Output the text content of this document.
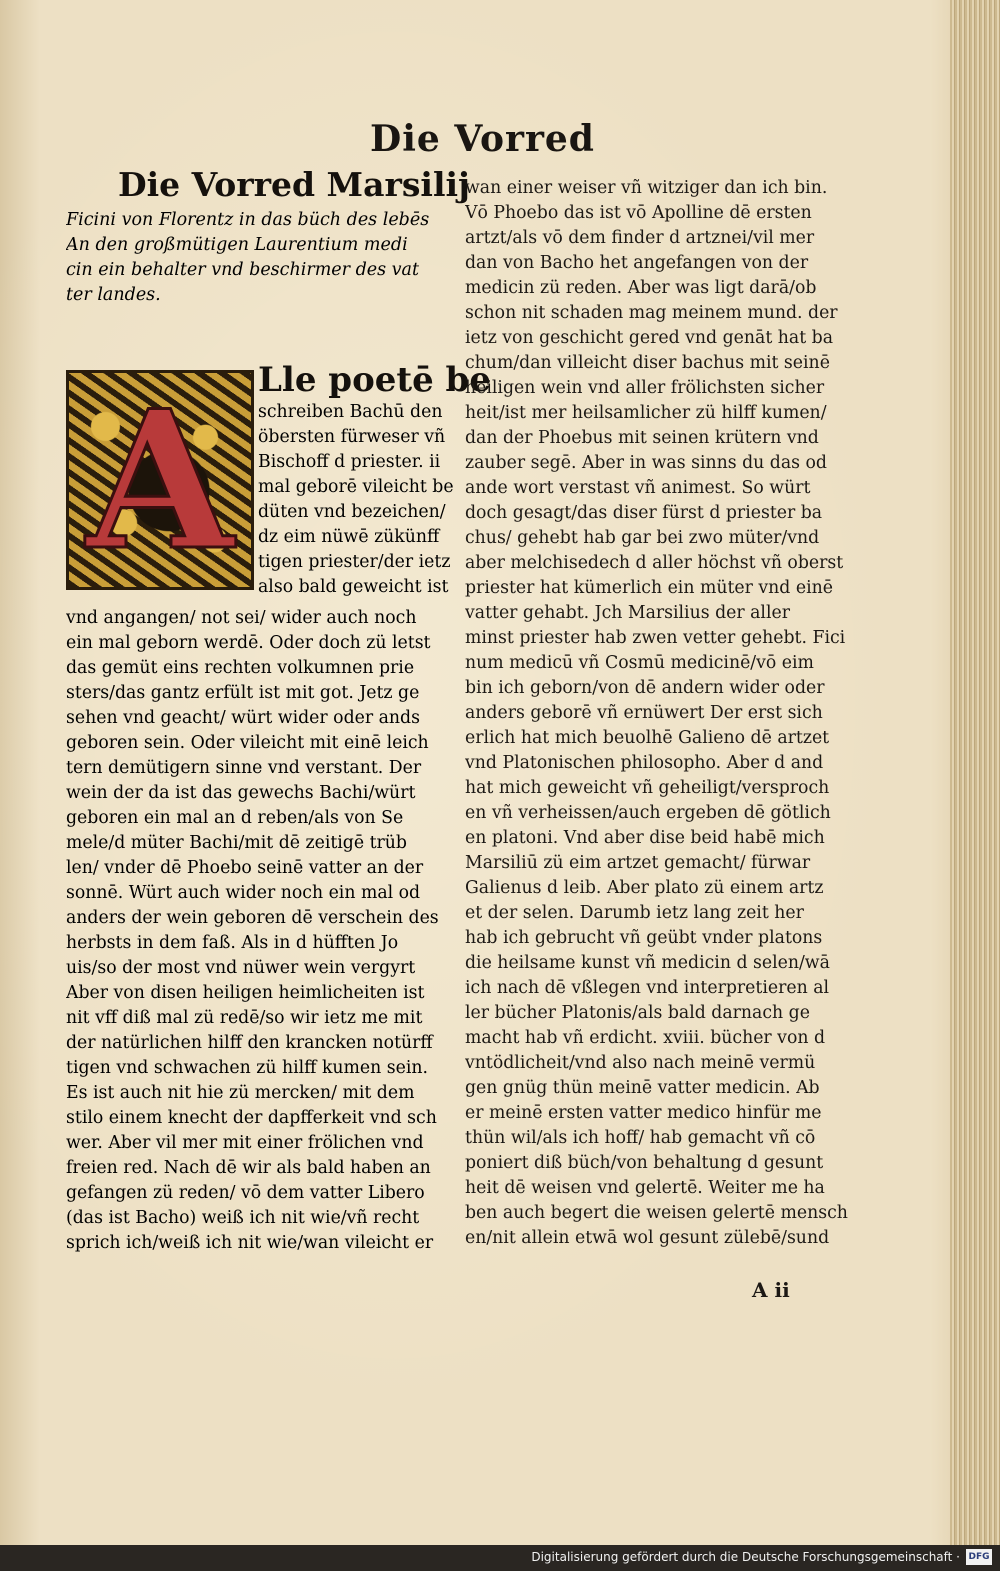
Die Vorred
Die Vorred Marsilij
Ficini von Florentz in das büch des lebēs
An den großmütigen Laurentium medi
cin ein behalter vnd beschirmer des vat
ter landes.
A Lle poetē be
schreiben Bachū den
öbersten fürweser vñ
Bischoff d priester. ii
mal geborē vileicht be
düten vnd bezeichen/
dz eim nüwē zükünff
tigen priester/der ietz
also bald geweicht ist
vnd angangen/ not sei/ wider auch noch
ein mal geborn werdē. Oder doch zü letst
das gemüt eins rechten volkumnen prie
sters/das gantz erfült ist mit got. Jetz ge
sehen vnd geacht/ würt wider oder ands
geboren sein. Oder vileicht mit einē leich
tern demütigern sinne vnd verstant. Der
wein der da ist das gewechs Bachi/würt
geboren ein mal an d reben/als von Se
mele/d müter Bachi/mit dē zeitigē trüb
len/ vnder dē Phoebo seinē vatter an der
sonnē. Würt auch wider noch ein mal od
anders der wein geboren dē verschein des
herbsts in dem faß. Als in d hüfften Jo
uis/so der most vnd nüwer wein vergyrt
Aber von disen heiligen heimlicheiten ist
nit vff diß mal zü redē/so wir ietz me mit
der natürlichen hilff den krancken notürff
tigen vnd schwachen zü hilff kumen sein.
Es ist auch nit hie zü mercken/ mit dem
stilo einem knecht der dapfferkeit vnd sch
wer. Aber vil mer mit einer frölichen vnd
freien red. Nach dē wir als bald haben an
gefangen zü reden/ vō dem vatter Libero
(das ist Bacho) weiß ich nit wie/vñ recht
sprich ich/weiß ich nit wie/wan vileicht er
wan einer weiser vñ witziger dan ich bin.
Vō Phoebo das ist vō Apolline dē ersten
artzt/als vō dem finder d artznei/vil mer
dan von Bacho het angefangen von der
medicin zü reden. Aber was ligt darā/ob
schon nit schaden mag meinem mund. der
ietz von geschicht gered vnd genāt hat ba
chum/dan villeicht diser bachus mit seinē
heiligen wein vnd aller frölichsten sicher
heit/ist mer heilsamlicher zü hilff kumen/
dan der Phoebus mit seinen krütern vnd
zauber segē. Aber in was sinns du das od
ande wort verstast vñ animest. So würt
doch gesagt/das diser fürst d priester ba
chus/ gehebt hab gar bei zwo müter/vnd
aber melchisedech d aller höchst vñ oberst
priester hat kümerlich ein müter vnd einē
vatter gehabt. Jch Marsilius der aller
minst priester hab zwen vetter gehebt. Fici
num medicū vñ Cosmū medicinē/vō eim
bin ich geborn/von dē andern wider oder
anders geborē vñ ernüwert Der erst sich
erlich hat mich beuolhē Galieno dē artzet
vnd Platonischen philosopho. Aber d and
hat mich geweicht vñ geheiligt/versproch
en vñ verheissen/auch ergeben dē götlich
en platoni. Vnd aber dise beid habē mich
Marsiliū zü eim artzet gemacht/ fürwar
Galienus d leib. Aber plato zü einem artz
et der selen. Darumb ietz lang zeit her
hab ich gebrucht vñ geübt vnder platons
die heilsame kunst vñ medicin d selen/wā
ich nach dē vßlegen vnd interpretieren al
ler bücher Platonis/als bald darnach ge
macht hab vñ erdicht. xviii. bücher von d
vntödlicheit/vnd also nach meinē vermü
gen gnüg thün meinē vatter medicin. Ab
er meinē ersten vatter medico hinfür me
thün wil/als ich hoff/ hab gemacht vñ cō
poniert diß büch/von behaltung d gesunt
heit dē weisen vnd gelertē. Weiter me ha
ben auch begert die weisen gelertē mensch
en/nit allein etwā wol gesunt zülebē/sund
A ii
Digitalisierung gefördert durch die Deutsche Forschungsgemeinschaft · DFG
